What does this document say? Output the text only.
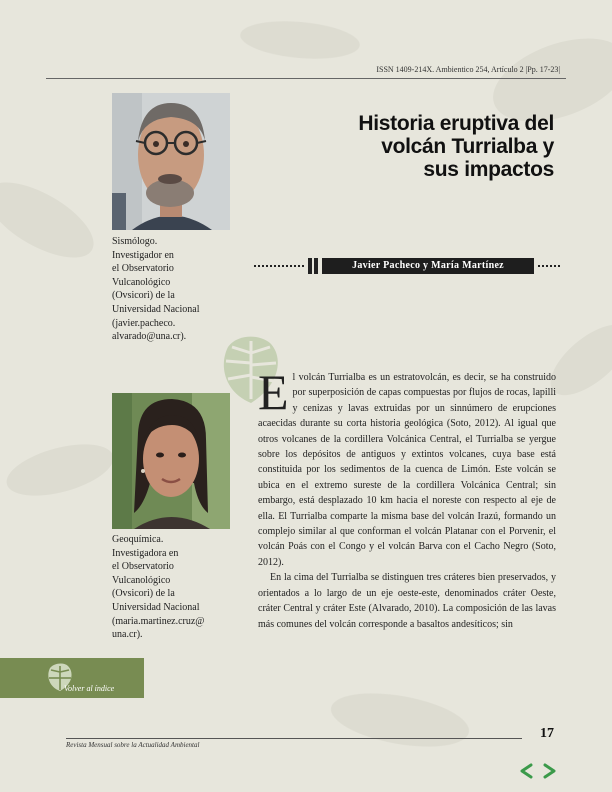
ISSN 1409-214X. Ambientico 254, Artículo 2 |Pp. 17-23|
Sismólogo.
Investigador en
el Observatorio
Vulcanológico
(Ovsicori) de la
Universidad Nacional
(javier.pacheco.
alvarado@una.cr).
Historia eruptiva del
volcán Turrialba y
sus impactos
Javier Pacheco y María Martínez
Geoquímica.
Investigadora en
el Observatorio
Vulcanológico
(Ovsicori) de la
Universidad Nacional
(maria.martinez.cruz@
una.cr).

El volcán Turrialba es un estratovolcán, es decir, se ha construido por superposición de capas compuestas por flujos de rocas, lapilli y cenizas y lavas extruidas por un sinnúmero de erupciones acaecidas durante su corta historia geológica (Soto, 2012). Al igual que otros volcanes de la cordillera Volcánica Central, el Turrialba se yergue sobre los depósitos de antiguos y extintos volcanes, cuya base está constituida por los sedimentos de la cuenca de Limón. Este volcán se ubica en el extremo sureste de la cordillera Volcánica Central; sin embargo, está desplazado 10 km hacia el noreste con respecto al eje de ella. El Turrialba comparte la misma base del volcán Irazú, formando un complejo similar al que conforman el volcán Platanar con el Porvenir, el volcán Poás con el Congo y el volcán Barva con el Cacho Negro (Soto, 2012).

En la cima del Turrialba se distinguen tres cráteres bien preservados, y orientados a lo largo de un eje oeste-este, denominados cráter Oeste, cráter Central y cráter Este (Alvarado, 2010). La composición de las lavas más comunes del volcán corresponde a basaltos andesíticos; sin

Volver al índice
17
Revista Mensual sobre la Actualidad Ambiental
